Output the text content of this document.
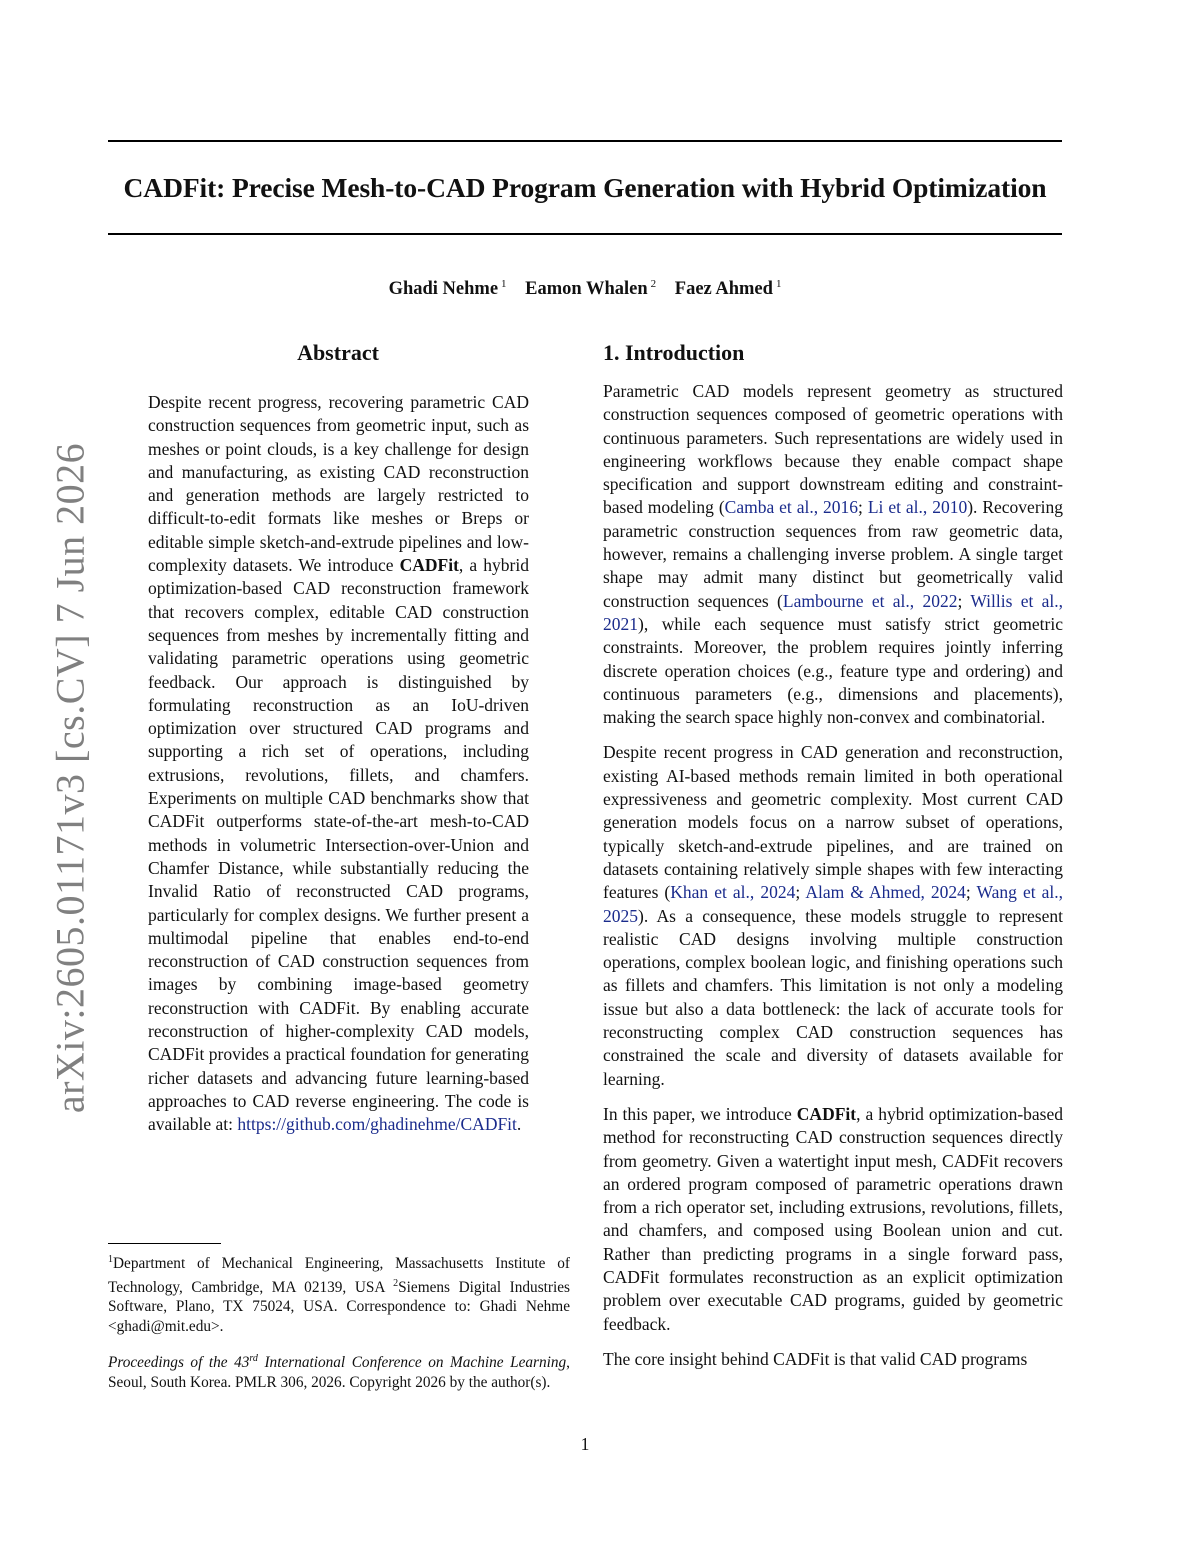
CADFit: Precise Mesh-to-CAD Program Generation with Hybrid Optimization
Ghadi Nehme $^1$ Eamon Whalen $^2$ Faez Ahmed $^1$
arXiv:2605.01171v3 [cs.CV] 7 Jun 2026
Abstract

Despite recent progress, recovering parametric CAD construction sequences from geometric input, such as meshes or point clouds, is a key challenge for design and manufacturing, as existing CAD reconstruction and generation methods are largely restricted to difficult-to-edit formats like meshes or Breps or editable simple sketch-and-extrude pipelines and low-complexity datasets. We introduce CADFit, a hybrid optimization-based CAD reconstruction framework that recovers complex, editable CAD construction sequences from meshes by incrementally fitting and validating parametric operations using geometric feedback. Our approach is distinguished by formulating reconstruction as an IoU-driven optimization over structured CAD programs and supporting a rich set of operations, including extrusions, revolutions, fillets, and chamfers. Experiments on multiple CAD benchmarks show that CADFit outperforms state-of-the-art mesh-to-CAD methods in volumetric Intersection-over-Union and Chamfer Distance, while substantially reducing the Invalid Ratio of reconstructed CAD programs, particularly for complex designs. We further present a multimodal pipeline that enables end-to-end reconstruction of CAD construction sequences from images by combining image-based geometry reconstruction with CADFit. By enabling accurate reconstruction of higher-complexity CAD models, CADFit provides a practical foundation for generating richer datasets and advancing future learning-based approaches to CAD reverse engineering. The code is available at: https://github.com/ghadinehme/CADFit.

$^1$Department of Mechanical Engineering, Massachusetts Institute of Technology, Cambridge, MA 02139, USA $^2$Siemens Digital Industries Software, Plano, TX 75024, USA. Correspondence to: Ghadi Nehme <ghadi@mit.edu>.

Proceedings of the 43rd International Conference on Machine Learning, Seoul, South Korea. PMLR 306, 2026. Copyright 2026 by the author(s).

1. Introduction

Parametric CAD models represent geometry as structured construction sequences composed of geometric operations with continuous parameters. Such representations are widely used in engineering workflows because they enable compact shape specification and support downstream editing and constraint-based modeling (Camba et al., 2016; Li et al., 2010). Recovering parametric construction sequences from raw geometric data, however, remains a challenging inverse problem. A single target shape may admit many distinct but geometrically valid construction sequences (Lambourne et al., 2022; Willis et al., 2021), while each sequence must satisfy strict geometric constraints. Moreover, the problem requires jointly inferring discrete operation choices (e.g., feature type and ordering) and continuous parameters (e.g., dimensions and placements), making the search space highly non-convex and combinatorial.

Despite recent progress in CAD generation and reconstruction, existing AI-based methods remain limited in both operational expressiveness and geometric complexity. Most current CAD generation models focus on a narrow subset of operations, typically sketch-and-extrude pipelines, and are trained on datasets containing relatively simple shapes with few interacting features (Khan et al., 2024; Alam & Ahmed, 2024; Wang et al., 2025). As a consequence, these models struggle to represent realistic CAD designs involving multiple construction operations, complex boolean logic, and finishing operations such as fillets and chamfers. This limitation is not only a modeling issue but also a data bottleneck: the lack of accurate tools for reconstructing complex CAD construction sequences has constrained the scale and diversity of datasets available for learning.

In this paper, we introduce CADFit, a hybrid optimization-based method for reconstructing CAD construction sequences directly from geometry. Given a watertight input mesh, CADFit recovers an ordered program composed of parametric operations drawn from a rich operator set, including extrusions, revolutions, fillets, and chamfers, and composed using Boolean union and cut. Rather than predicting programs in a single forward pass, CADFit formulates reconstruction as an explicit optimization problem over executable CAD programs, guided by geometric feedback.

The core insight behind CADFit is that valid CAD programs

1
